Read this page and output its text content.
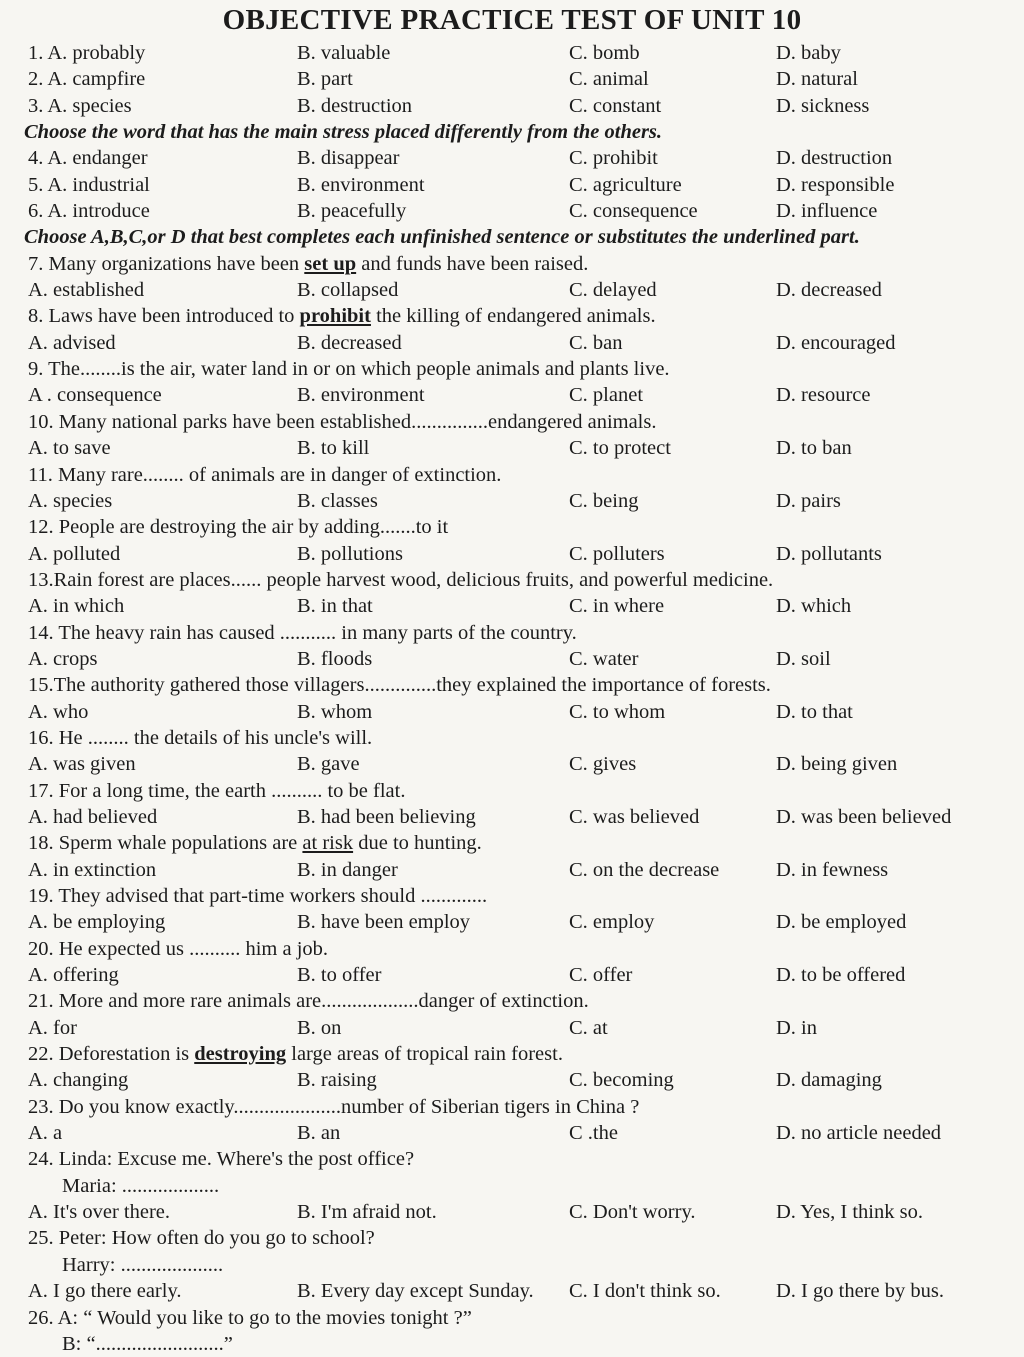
OBJECTIVE PRACTICE TEST OF UNIT 10
1. A. probably	B. valuable	C. bomb	D. baby
2. A. campfire	B. part	C. animal	D. natural
3. A. species	B. destruction	C. constant	D. sickness
Choose the word that has the main stress placed differently from the others.
4. A. endanger	B. disappear	C. prohibit	D. destruction
5. A. industrial	B. environment	C. agriculture	D. responsible
6. A. introduce	B. peacefully	C. consequence	D. influence
Choose A,B,C,or D that best completes each unfinished sentence or substitutes the underlined part.
7. Many organizations have been set up and funds have been raised.
A. established	B. collapsed	C. delayed	D. decreased
8. Laws have been introduced to prohibit the killing of endangered animals.
A. advised	B. decreased	C. ban	D. encouraged
9. The........is the air, water land in or on which people animals and plants live.
A . consequence	B. environment	C. planet	D. resource
10. Many national parks have been established...............endangered animals.
A. to save	B. to kill	C. to protect	D. to ban
11. Many rare........ of animals are in danger of extinction.
A. species	B. classes	C. being	D. pairs
12. People are destroying the air by adding.......to it
A. polluted	B. pollutions	C. polluters	D. pollutants
13.Rain forest are places...... people harvest wood, delicious fruits, and powerful medicine.
A. in which	B. in that	C. in where	D. which
14. The heavy rain has caused ........... in many parts of the country.
A. crops	B. floods	C. water	D. soil
15.The authority gathered those villagers..............they explained the importance of forests.
A. who	B. whom	C. to whom	D. to that
16. He ........ the details of his uncle's will.
A. was given	B. gave	C. gives	D. being given
17. For a long time, the earth .......... to be flat.
A. had believed	B. had been believing	C. was believed	D. was been believed
18. Sperm whale populations are at risk due to hunting.
A. in extinction	B. in danger	C. on the decrease	D. in fewness
19. They advised that part-time workers should .............
A. be employing	B. have been employ	C. employ	D. be employed
20. He expected us .......... him a job.
A. offering	B. to offer	C. offer	D. to be offered
21. More and more rare animals are...................danger of extinction.
A. for	B. on	C. at	D. in
22. Deforestation is destroying large areas of tropical rain forest.
A. changing	B. raising	C. becoming	D. damaging
23. Do you know exactly.....................number of Siberian tigers in China ?
A. a	B. an	C .the	D. no article needed
24. Linda: Excuse me. Where's the post office?
Maria: ...................
A. It's over there.	B. I'm afraid not.	C. Don't worry.	D. Yes, I think so.
25. Peter: How often do you go to school?
Harry: ....................
A. I go there early.	B. Every day except Sunday. C. I don't think so.	D. I go there by bus.
26. A: “ Would you like to go to the movies tonight ?”
B: “.........................”
